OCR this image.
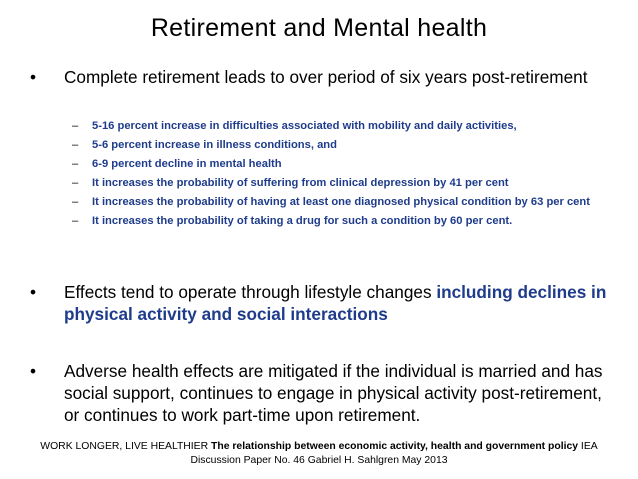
Retirement and Mental health
• Complete retirement leads to over period of six years post-retirement
– 5-16 percent increase in difficulties associated with mobility and daily activities,
– 5-6 percent increase in illness conditions, and
– 6-9 percent decline in mental health
– It increases the probability of suffering from clinical depression by 41 per cent
– It increases the probability of having at least one diagnosed physical condition by 63 per cent
– It increases the probability of taking a drug for such a condition by 60 per cent.
• Effects tend to operate through lifestyle changes including declines in physical activity and social interactions
• Adverse health effects are mitigated if the individual is married and has social support, continues to engage in physical activity post-retirement, or continues to work part-time upon retirement.
WORK LONGER, LIVE HEALTHIER The relationship between economic activity, health and government policy IEA Discussion Paper No. 46 Gabriel H. Sahlgren May 2013
